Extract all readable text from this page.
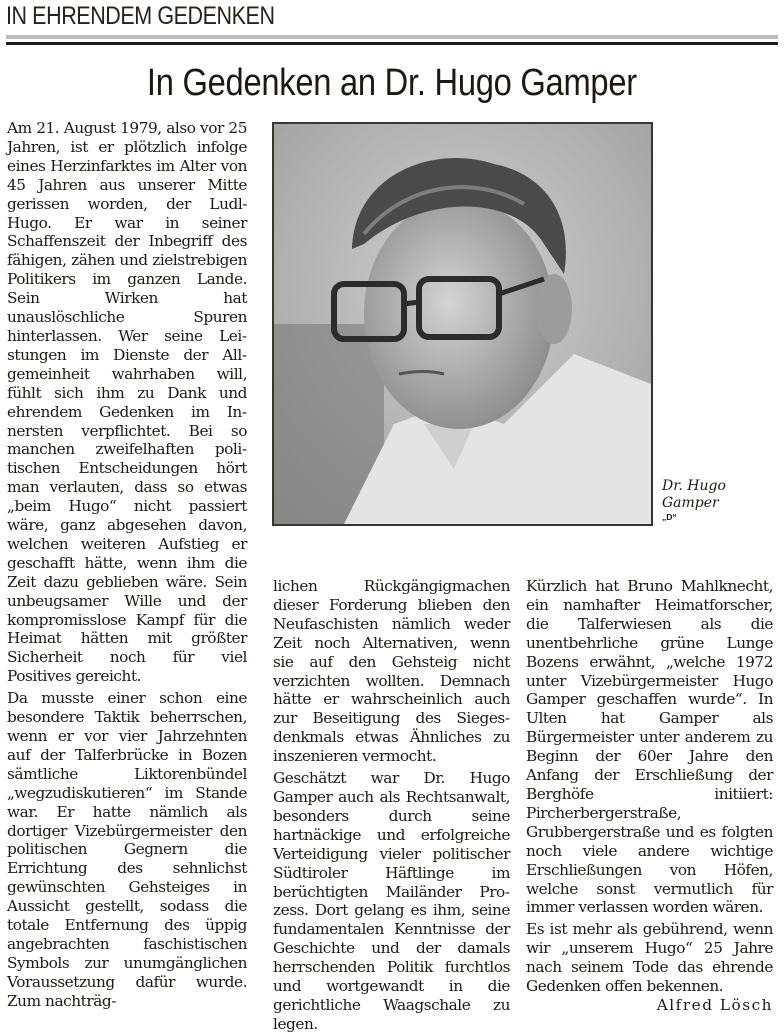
IN EHRENDEM GEDENKEN
In Gedenken an Dr. Hugo Gamper

Am 21. August 1979, also vor 25 Jahren, ist er plötzlich infolge eines Herzinfarktes im Alter von 45 Jahren aus unserer Mitte gerissen worden, der Ludl- Hugo. Er war in seiner Schaffenszeit der Inbegriff des fähigen, zähen und zielstrebigen Politikers im ganzen Lande. Sein Wirken hat unauslöschliche Spuren hinterlassen. Wer seine Leistungen im Dienste der Allgemeinheit wahrhaben will, fühlt sich ihm zu Dank und ehrendem Gedenken im Innersten verpflichtet. Bei so manchen zweifelhaften politischen Entscheidungen hört man verlauten, dass so etwas „beim Hugo“ nicht passiert wäre, ganz abgesehen davon, welchen weiteren Aufstieg er geschafft hätte, wenn ihm die Zeit dazu geblieben wäre. Sein unbeugsamer Wille und der kompromisslose Kampf für die Heimat hätten mit größter Sicherheit noch für viel Positives gereicht.

Da musste einer schon eine besondere Taktik beherrschen, wenn er vor vier Jahrzehnten auf der Talferbrücke in Bozen sämtliche Liktorenbündel „wegzudiskutieren“ im Stande war. Er hatte nämlich als dortiger Vizebürgermeister den politischen Gegnern die Errichtung des sehnlichst gewünschten Gehsteiges in Aussicht gestellt, sodass die totale Entfernung des üppig angebrachten faschistischen Symbols zur unumgänglichen Voraussetzung dafür wurde. Zum nachträg-

Dr. Hugo
Gamper
„D“

lichen Rückgängigmachen dieser Forderung blieben den Neufaschisten nämlich weder Zeit noch Alternativen, wenn sie auf den Gehsteig nicht verzichten wollten. Demnach hätte er wahrscheinlich auch zur Beseitigung des Siegesdenkmals etwas Ähnliches zu inszenieren vermocht.

Geschätzt war Dr. Hugo Gamper auch als Rechtsanwalt, besonders durch seine hartnäckige und erfolgreiche Verteidigung vieler politischer Südtiroler Häftlinge im berüchtigten Mailänder Prozess. Dort gelang es ihm, seine fundamentalen Kenntnisse der Geschichte und der damals herrschenden Politik furchtlos und wortgewandt in die gerichtliche Waagschale zu legen.

Kürzlich hat Bruno Mahlknecht, ein namhafter Heimatforscher, die Talferwiesen als die unentbehrliche grüne Lunge Bozens erwähnt, „welche 1972 unter Vizebürgermeister Hugo Gamper geschaffen wurde“. In Ulten hat Gamper als Bürgermeister unter anderem zu Beginn der 60er Jahre den Anfang der Erschließung der Berghöfe initiiert: Pircherbergerstraße, Grubbergerstraße und es folgten noch viele andere wichtige Erschließungen von Höfen, welche sonst vermutlich für immer verlassen worden wären.

Es ist mehr als gebührend, wenn wir „unserem Hugo“ 25 Jahre nach seinem Tode das ehrende Gedenken offen bekennen.
Alfred Lösch
